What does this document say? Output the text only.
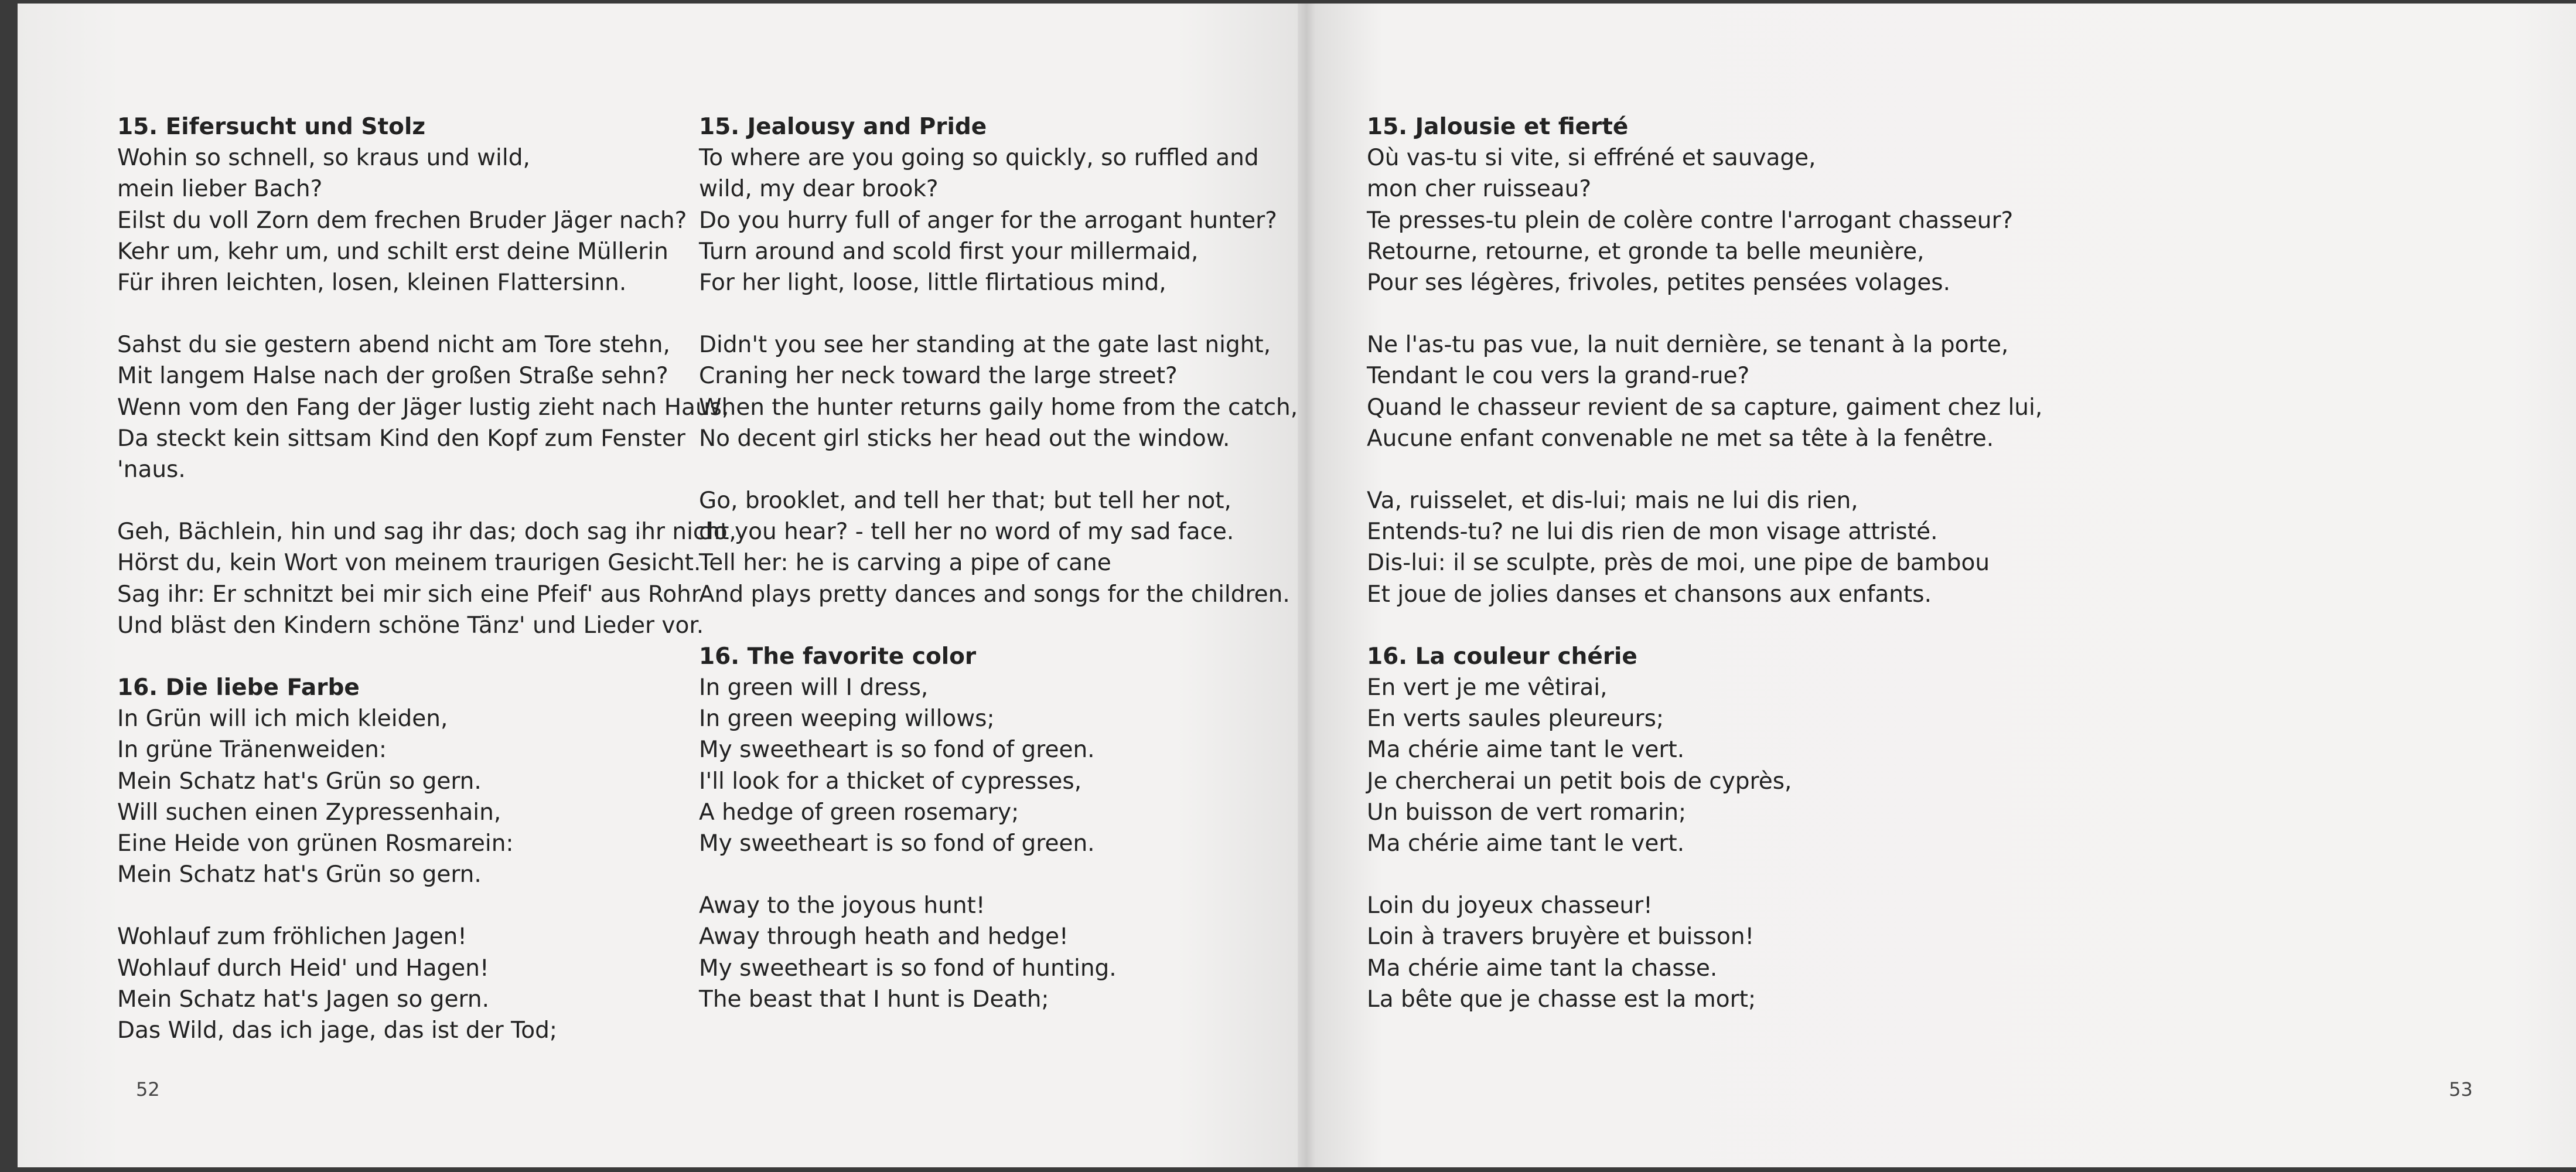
15. Eifersucht und Stolz
Wohin so schnell, so kraus und wild,
mein lieber Bach?
Eilst du voll Zorn dem frechen Bruder Jäger nach?
Kehr um, kehr um, und schilt erst deine Müllerin
Für ihren leichten, losen, kleinen Flattersinn.
Sahst du sie gestern abend nicht am Tore stehn,
Mit langem Halse nach der großen Straße sehn?
Wenn vom den Fang der Jäger lustig zieht nach Haus,
Da steckt kein sittsam Kind den Kopf zum Fenster
'naus.
Geh, Bächlein, hin und sag ihr das; doch sag ihr nicht,
Hörst du, kein Wort von meinem traurigen Gesicht.
Sag ihr: Er schnitzt bei mir sich eine Pfeif' aus Rohr
Und bläst den Kindern schöne Tänz' und Lieder vor.
16. Die liebe Farbe
In Grün will ich mich kleiden,
In grüne Tränenweiden:
Mein Schatz hat's Grün so gern.
Will suchen einen Zypressenhain,
Eine Heide von grünen Rosmarein:
Mein Schatz hat's Grün so gern.
Wohlauf zum fröhlichen Jagen!
Wohlauf durch Heid' und Hagen!
Mein Schatz hat's Jagen so gern.
Das Wild, das ich jage, das ist der Tod;
15. Jealousy and Pride
To where are you going so quickly, so ruffled and
wild, my dear brook?
Do you hurry full of anger for the arrogant hunter?
Turn around and scold first your millermaid,
For her light, loose, little flirtatious mind,
Didn't you see her standing at the gate last night,
Craning her neck toward the large street?
When the hunter returns gaily home from the catch,
No decent girl sticks her head out the window.
Go, brooklet, and tell her that; but tell her not,
do you hear? - tell her no word of my sad face.
Tell her: he is carving a pipe of cane
And plays pretty dances and songs for the children.
16. The favorite color
In green will I dress,
In green weeping willows;
My sweetheart is so fond of green.
I'll look for a thicket of cypresses,
A hedge of green rosemary;
My sweetheart is so fond of green.
Away to the joyous hunt!
Away through heath and hedge!
My sweetheart is so fond of hunting.
The beast that I hunt is Death;
15. Jalousie et fierté
Où vas-tu si vite, si effréné et sauvage,
mon cher ruisseau?
Te presses-tu plein de colère contre l'arrogant chasseur?
Retourne, retourne, et gronde ta belle meunière,
Pour ses légères, frivoles, petites pensées volages.
Ne l'as-tu pas vue, la nuit dernière, se tenant à la porte,
Tendant le cou vers la grand-rue?
Quand le chasseur revient de sa capture, gaiment chez lui,
Aucune enfant convenable ne met sa tête à la fenêtre.
Va, ruisselet, et dis-lui; mais ne lui dis rien,
Entends-tu? ne lui dis rien de mon visage attristé.
Dis-lui: il se sculpte, près de moi, une pipe de bambou
Et joue de jolies danses et chansons aux enfants.
16. La couleur chérie
En vert je me vêtirai,
En verts saules pleureurs;
Ma chérie aime tant le vert.
Je chercherai un petit bois de cyprès,
Un buisson de vert romarin;
Ma chérie aime tant le vert.
Loin du joyeux chasseur!
Loin à travers bruyère et buisson!
Ma chérie aime tant la chasse.
La bête que je chasse est la mort;
52	53
